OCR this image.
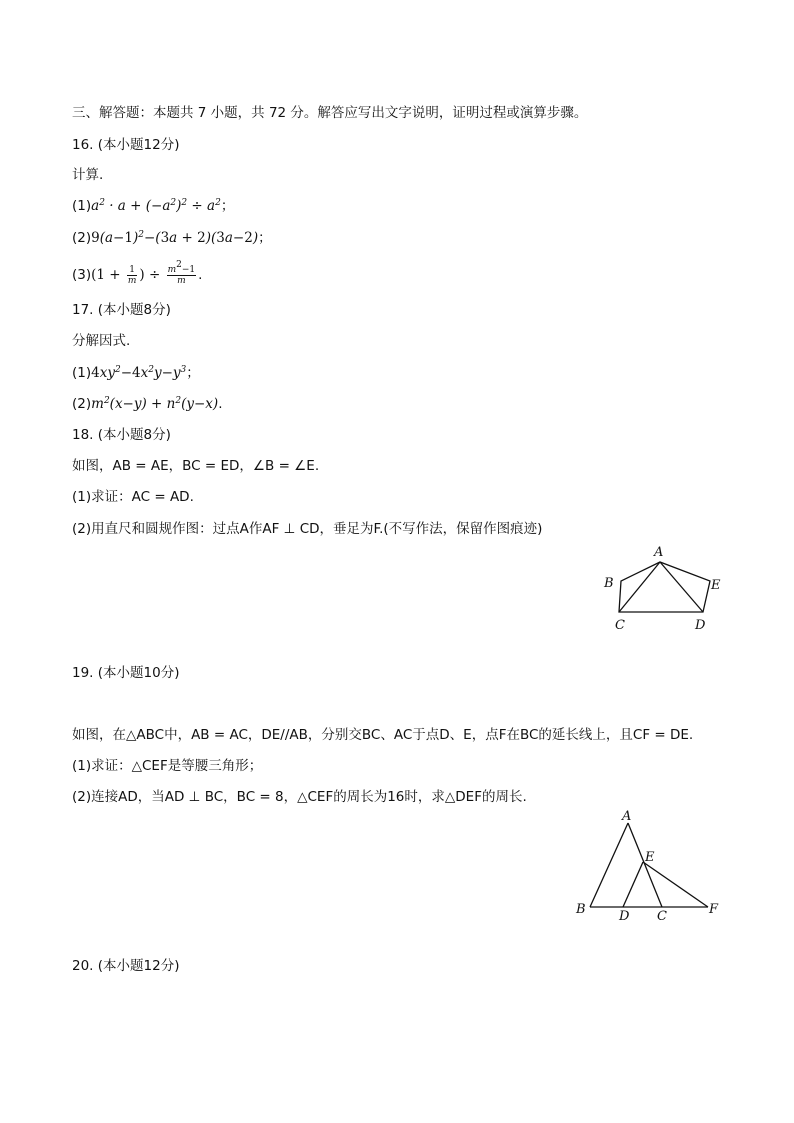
三、解答题：本题共 7 小题，共 72 分。解答应写出文字说明，证明过程或演算步骤。
16. (本小题12分)
计算.
$(1)a^2 \cdot a + (-a^2)^2 \div a^2$；
$(2)9(a-1)^2-(3a + 2)(3a-2)$；
$(3)(1 + \frac{1}{m}$ ) ÷ $\frac{m^2-1}{m}$ .
17. (本小题8分)
分解因式.
$(1)4xy^2-4x^2y-y^3$；
$(2)m^2(x-y) + n^2(y-x)$.
18. (本小题8分)
如图，AB = AE，BC = ED，∠B = ∠E.
(1)求证：AC = AD.
(2)用直尺和圆规作图：过点A作AF ⊥ CD，垂足为F.(不写作法，保留作图痕迹)
A
B	E
C	D
19. (本小题10分)
如图，在△ABC中，AB = AC，DE//AB，分别交BC、AC于点D、E，点F在BC的延长线上，且CF = DE.
(1)求证：△CEF是等腰三角形；
(2)连接AD，当AD ⊥ BC，BC = 8，△CEF的周长为16时，求△DEF的周长.
A
E
B	D C	F
20. (本小题12分)
